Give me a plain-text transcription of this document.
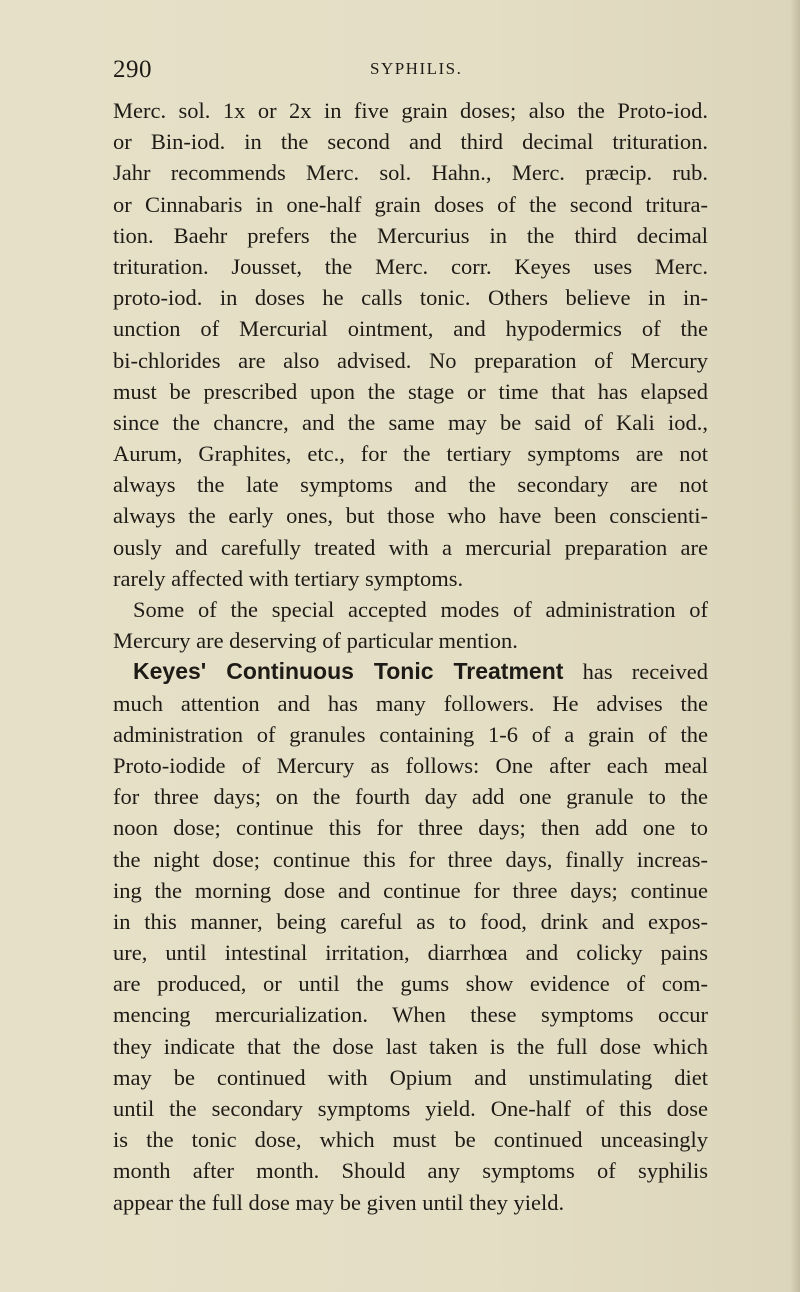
290	SYPHILIS.
Merc. sol. 1x or 2x in five grain doses; also the Proto-iod.
or Bin-iod. in the second and third decimal trituration.
Jahr recommends Merc. sol. Hahn., Merc. præcip. rub.
or Cinnabaris in one-half grain doses of the second tritura-
tion. Baehr prefers the Mercurius in the third decimal
trituration. Jousset, the Merc. corr. Keyes uses Merc.
proto-iod. in doses he calls tonic. Others believe in in-
unction of Mercurial ointment, and hypodermics of the
bi-chlorides are also advised. No preparation of Mercury
must be prescribed upon the stage or time that has elapsed
since the chancre, and the same may be said of Kali iod.,
Aurum, Graphites, etc., for the tertiary symptoms are not
always the late symptoms and the secondary are not
always the early ones, but those who have been conscienti-
ously and carefully treated with a mercurial preparation are
rarely affected with tertiary symptoms.
Some of the special accepted modes of administration of
Mercury are deserving of particular mention.
Keyes' Continuous Tonic Treatment has received
much attention and has many followers. He advises the
administration of granules containing 1-6 of a grain of the
Proto-iodide of Mercury as follows: One after each meal
for three days; on the fourth day add one granule to the
noon dose; continue this for three days; then add one to
the night dose; continue this for three days, finally increas-
ing the morning dose and continue for three days; continue
in this manner, being careful as to food, drink and expos-
ure, until intestinal irritation, diarrhœa and colicky pains
are produced, or until the gums show evidence of com-
mencing mercurialization. When these symptoms occur
they indicate that the dose last taken is the full dose which
may be continued with Opium and unstimulating diet
until the secondary symptoms yield. One-half of this dose
is the tonic dose, which must be continued unceasingly
month after month. Should any symptoms of syphilis
appear the full dose may be given until they yield.
